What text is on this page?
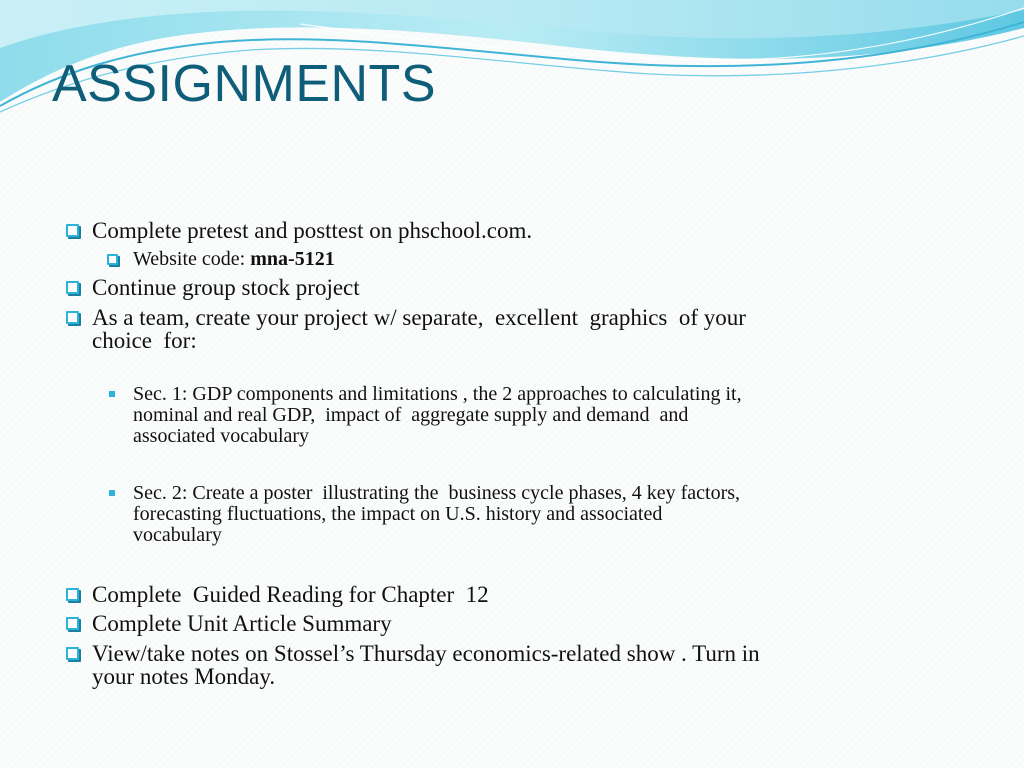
ASSIGNMENTS
Complete pretest and posttest on phschool.com.
Website code: mna-5121
Continue group stock project
As a team, create your project w/ separate,  excellent  graphics  of your
choice  for:
Sec. 1: GDP components and limitations , the 2 approaches to calculating it,
nominal and real GDP,  impact of  aggregate supply and demand  and
associated vocabulary
Sec. 2: Create a poster  illustrating the  business cycle phases, 4 key factors,
forecasting fluctuations, the impact on U.S. history and associated
vocabulary
Complete  Guided Reading for Chapter  12
Complete Unit Article Summary
View/take notes on Stossel’s Thursday economics-related show . Turn in
your notes Monday.
